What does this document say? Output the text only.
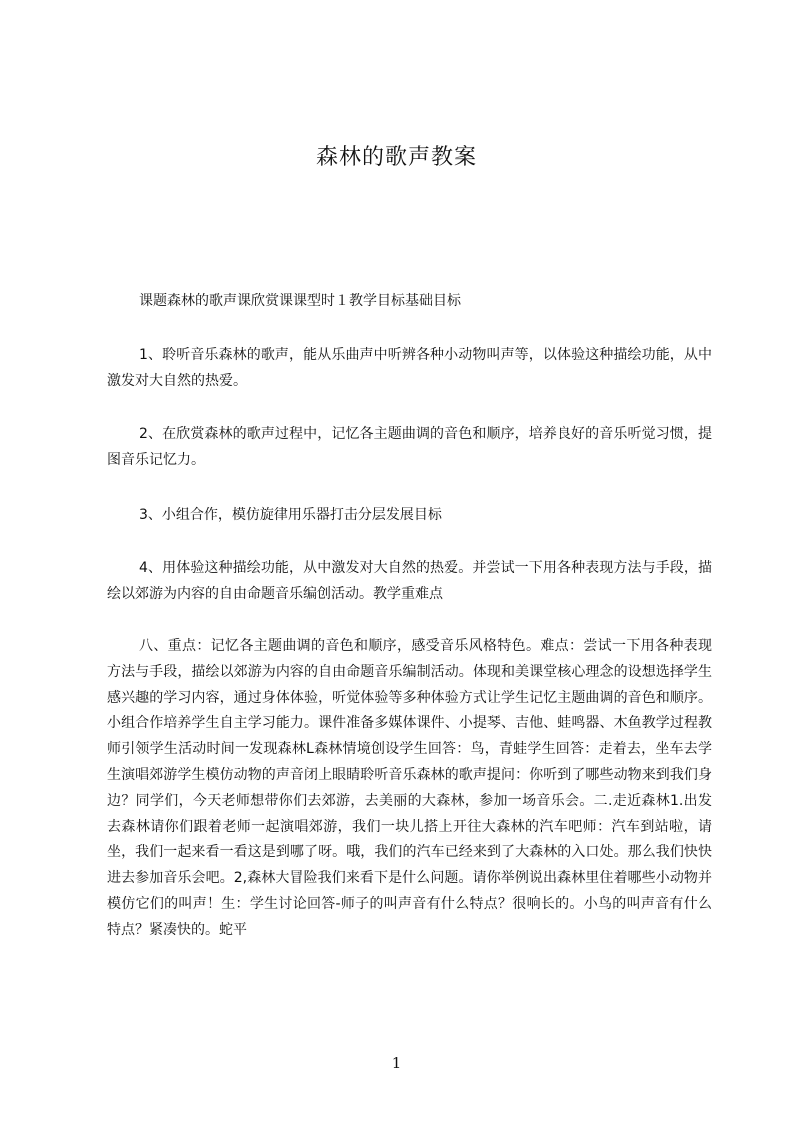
森林的歌声教案

课题森林的歌声课欣赏课课型时１教学目标基础目标

1、聆听音乐森林的歌声，能从乐曲声中听辨各种小动物叫声等，以体验这种描绘功能，从中激发对大自然的热爱。

2、在欣赏森林的歌声过程中，记忆各主题曲调的音色和顺序，培养良好的音乐听觉习惯，提图音乐记忆力。

3、小组合作，模仿旋律用乐器打击分层发展目标

4、用体验这种描绘功能，从中激发对大自然的热爱。并尝试一下用各种表现方法与手段，描绘以郊游为内容的自由命题音乐编创活动。教学重难点

八、重点：记忆各主题曲调的音色和顺序，感受音乐风格特色。难点：尝试一下用各种表现方法与手段，描绘以郊游为内容的自由命题音乐编制活动。体现和美课堂核心理念的设想选择学生感兴趣的学习内容，通过身体体验，听觉体验等多种体验方式让学生记忆主题曲调的音色和顺序。小组合作培养学生自主学习能力。课件准备多媒体课件、小提琴、吉他、蛙鸣器、木鱼教学过程教师引领学生活动时间一发现森林L森林情境创设学生回答：鸟，青蛙学生回答：走着去，坐车去学生演唱郊游学生模仿动物的声音闭上眼睛聆听音乐森林的歌声提问：你听到了哪些动物来到我们身边？同学们，今天老师想带你们去郊游，去美丽的大森林，参加一场音乐会。二.走近森林1.出发去森林请你们跟着老师一起演唱郊游，我们一块儿搭上开往大森林的汽车吧师：汽车到站啦，请坐，我们一起来看一看这是到哪了呀。哦，我们的汽车已经来到了大森林的入口处。那么我们快快进去参加音乐会吧。2,森林大冒险我们来看下是什么问题。请你举例说出森林里住着哪些小动物并模仿它们的叫声！生：学生讨论回答-师子的叫声音有什么特点？很响长的。小鸟的叫声音有什么特点？紧凑快的。蛇平

1
